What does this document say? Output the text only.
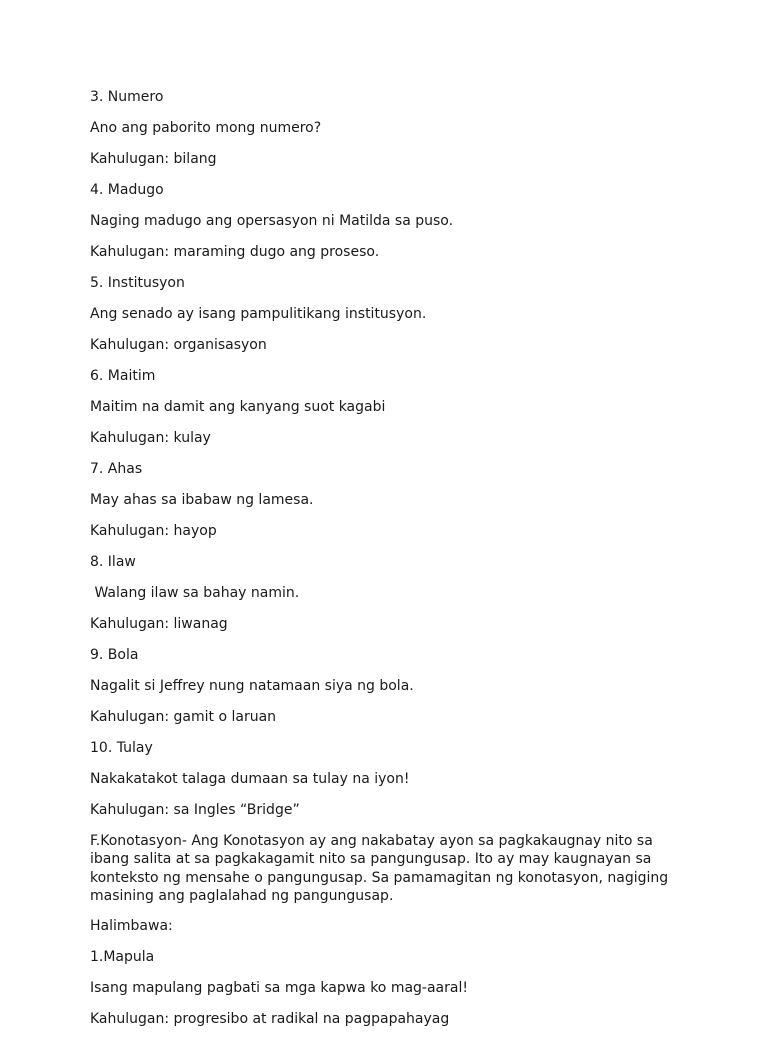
3. Numero

Ano ang paborito mong numero?

Kahulugan: bilang

4. Madugo

Naging madugo ang opersasyon ni Matilda sa puso.

Kahulugan: maraming dugo ang proseso.

5. Institusyon

Ang senado ay isang pampulitikang institusyon.

Kahulugan: organisasyon

6. Maitim

Maitim na damit ang kanyang suot kagabi

Kahulugan: kulay

7. Ahas

May ahas sa ibabaw ng lamesa.

Kahulugan: hayop

8. Ilaw

Walang ilaw sa bahay namin.

Kahulugan: liwanag

9. Bola

Nagalit si Jeffrey nung natamaan siya ng bola.

Kahulugan: gamit o laruan

10. Tulay

Nakakatakot talaga dumaan sa tulay na iyon!

Kahulugan: sa Ingles “Bridge”

F.Konotasyon- Ang Konotasyon ay ang nakabatay ayon sa pagkakaugnay nito sa ibang salita at sa pagkakagamit nito sa pangungusap. Ito ay may kaugnayan sa konteksto ng mensahe o pangungusap. Sa pamamagitan ng konotasyon, nagiging masining ang paglalahad ng pangungusap.

Halimbawa:

1.Mapula

Isang mapulang pagbati sa mga kapwa ko mag-aaral!

Kahulugan: progresibo at radikal na pagpapahayag
